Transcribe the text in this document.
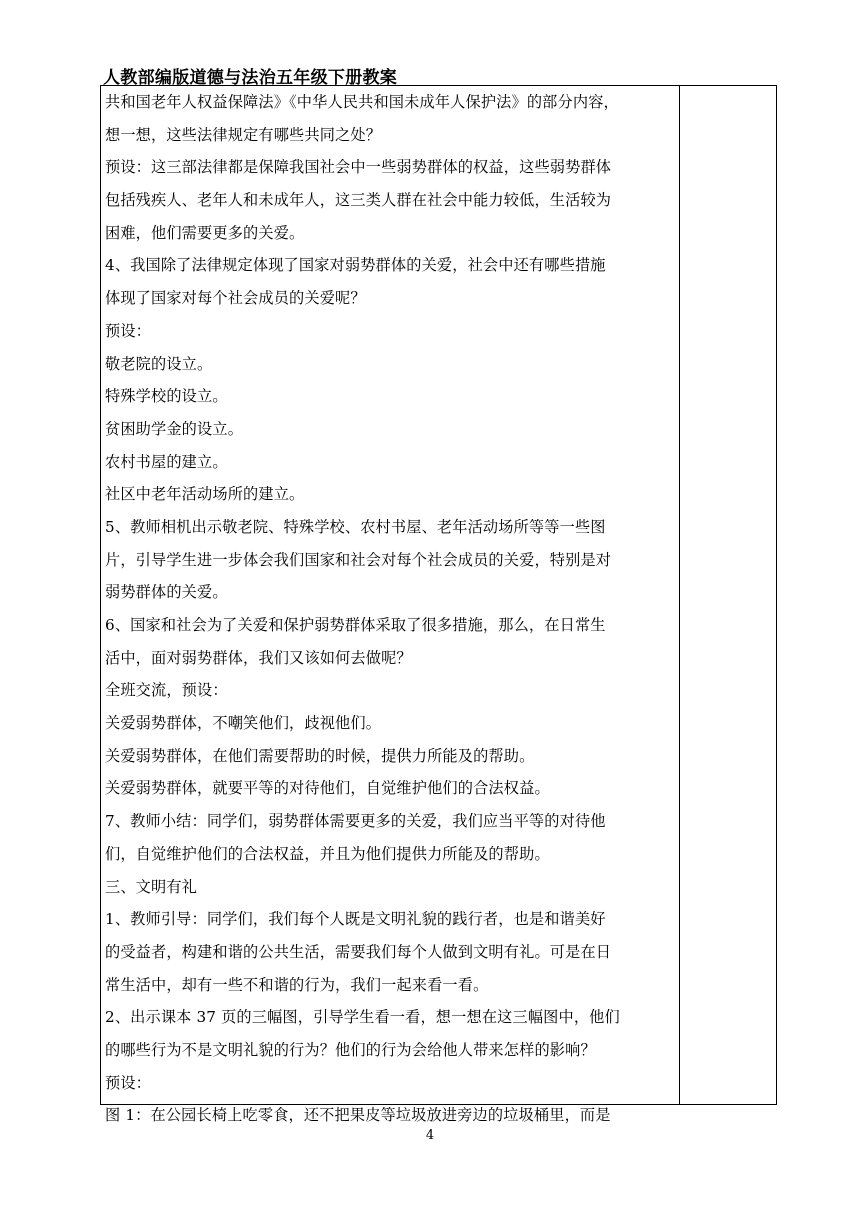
人教部编版道德与法治五年级下册教案
共和国老年人权益保障法》《中华人民共和国未成年人保护法》的部分内容，
想一想，这些法律规定有哪些共同之处？
预设：这三部法律都是保障我国社会中一些弱势群体的权益，这些弱势群体
包括残疾人、老年人和未成年人，这三类人群在社会中能力较低，生活较为
困难，他们需要更多的关爱。
4、我国除了法律规定体现了国家对弱势群体的关爱，社会中还有哪些措施
体现了国家对每个社会成员的关爱呢？
预设：
敬老院的设立。
特殊学校的设立。
贫困助学金的设立。
农村书屋的建立。
社区中老年活动场所的建立。
5、教师相机出示敬老院、特殊学校、农村书屋、老年活动场所等等一些图
片，引导学生进一步体会我们国家和社会对每个社会成员的关爱，特别是对
弱势群体的关爱。
6、国家和社会为了关爱和保护弱势群体采取了很多措施，那么，在日常生
活中，面对弱势群体，我们又该如何去做呢？
全班交流，预设：
关爱弱势群体，不嘲笑他们，歧视他们。
关爱弱势群体，在他们需要帮助的时候，提供力所能及的帮助。
关爱弱势群体，就要平等的对待他们，自觉维护他们的合法权益。
7、教师小结：同学们，弱势群体需要更多的关爱，我们应当平等的对待他
们，自觉维护他们的合法权益，并且为他们提供力所能及的帮助。
三、文明有礼
1、教师引导：同学们，我们每个人既是文明礼貌的践行者，也是和谐美好
的受益者，构建和谐的公共生活，需要我们每个人做到文明有礼。可是在日
常生活中，却有一些不和谐的行为，我们一起来看一看。
2、出示课本 37 页的三幅图，引导学生看一看，想一想在这三幅图中，他们
的哪些行为不是文明礼貌的行为？他们的行为会给他人带来怎样的影响？
预设：
图 1：在公园长椅上吃零食，还不把果皮等垃圾放进旁边的垃圾桶里，而是
4
